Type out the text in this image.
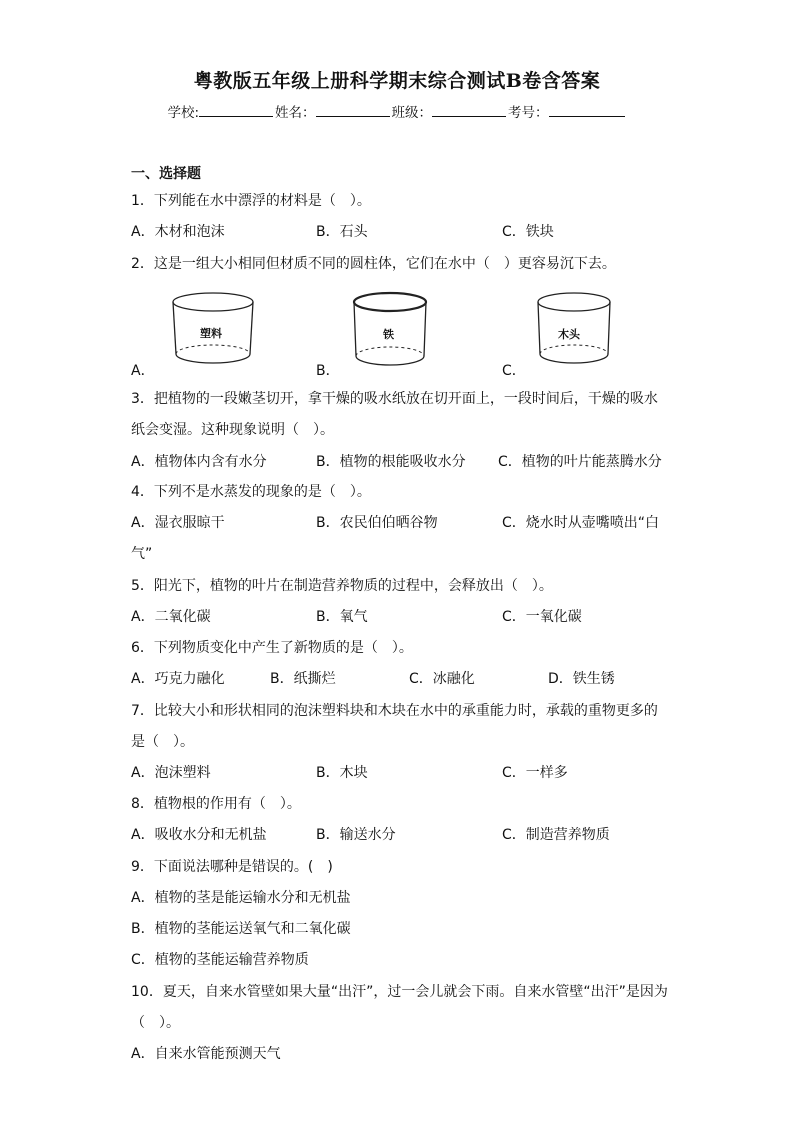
粤教版五年级上册科学期末综合测试B卷含答案
学校:	姓名：	班级：	考号：
一、选择题
1．下列能在水中漂浮的材料是（　）。
A．木材和泡沫	B．石头	C．铁块
2．这是一组大小相同但材质不同的圆柱体，它们在水中（　）更容易沉下去。
塑料	铁	木头
A．	B．	C．
3．把植物的一段嫩茎切开，拿干燥的吸水纸放在切开面上，一段时间后，干燥的吸水
纸会变湿。这种现象说明（　）。
A．植物体内含有水分	B．植物的根能吸收水分 C．植物的叶片能蒸腾水分
4．下列不是水蒸发的现象的是（　）。
A．湿衣服晾干	B．农民伯伯晒谷物	C．烧水时从壶嘴喷出“白
气”
5．阳光下，植物的叶片在制造营养物质的过程中，会释放出（　）。
A．二氧化碳	B．氧气	C．一氧化碳
6．下列物质变化中产生了新物质的是（　）。
A．巧克力融化	B．纸撕烂	C．冰融化	D．铁生锈
7．比较大小和形状相同的泡沫塑料块和木块在水中的承重能力时，承载的重物更多的
是（　）。
A．泡沫塑料	B．木块	C．一样多
8．植物根的作用有（　）。
A．吸收水分和无机盐	B．输送水分	C．制造营养物质
9．下面说法哪种是错误的。(　)
A．植物的茎是能运输水分和无机盐
B．植物的茎能运送氧气和二氧化碳
C．植物的茎能运输营养物质
10．夏天，自来水管壁如果大量“出汗”，过一会儿就会下雨。自来水管壁“出汗”是因为
（　）。
A．自来水管能预测天气
